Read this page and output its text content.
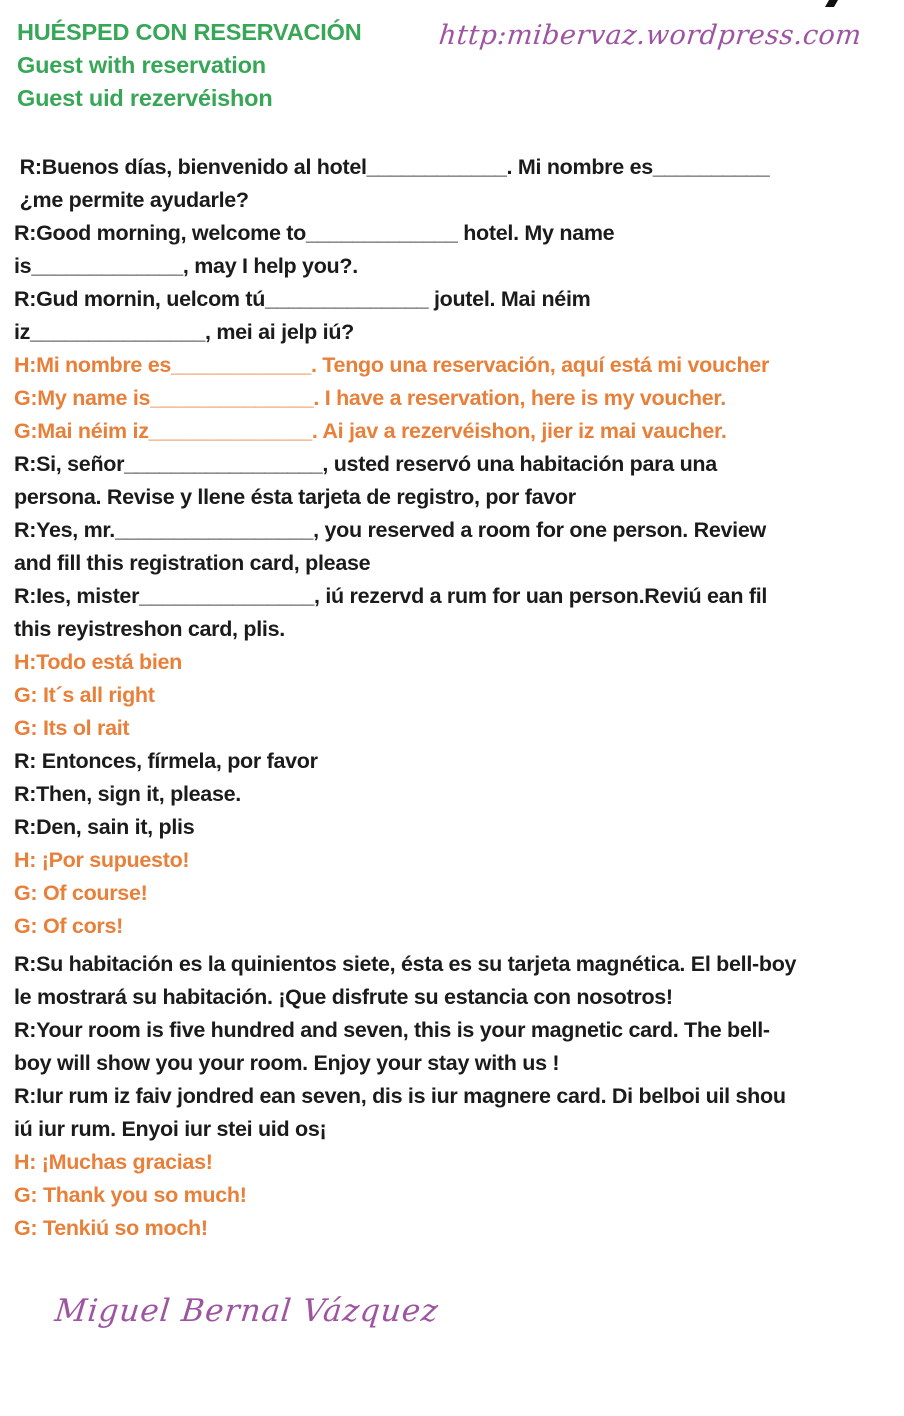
HUÉSPED CON RESERVACIÓN
Guest with reservation
Guest uid rezervéishon
http:mibervaz.wordpress.com
R:Buenos días, bienvenido al hotel____________. Mi nombre es__________
¿me permite ayudarle?
R:Good morning, welcome to_____________ hotel. My name
is_____________, may I help you?.
R:Gud mornin, uelcom tú______________ joutel. Mai néim
iz_______________, mei ai jelp iú?
H:Mi nombre es____________. Tengo una reservación, aquí está mi voucher
G:My name is______________. I have a reservation, here is my voucher.
G:Mai néim iz______________. Ai jav a rezervéishon, jier iz mai vaucher.
R:Si, señor_________________, usted reservó una habitación para una
persona. Revise y llene ésta tarjeta de registro, por favor
R:Yes, mr._________________, you reserved a room for one person. Review
and fill this registration card, please
R:Ies, mister_______________, iú rezervd a rum for uan person.Reviú ean fil
this reyistreshon card, plis.
H:Todo está bien
G: It´s all right
G: Its ol rait
R: Entonces, fírmela, por favor
R:Then, sign it, please.
R:Den, sain it, plis
H: ¡Por supuesto!
G: Of course!
G: Of cors!
R:Su habitación es la quinientos siete, ésta es su tarjeta magnética. El bell-boy
le mostrará su habitación. ¡Que disfrute su estancia con nosotros!
R:Your room is five hundred and seven, this is your magnetic card. The bell-
boy will show you your room. Enjoy your stay with us !
R:Iur rum iz faiv jondred ean seven, dis is iur magnere card. Di belboi uil shou
iú iur rum. Enyoi iur stei uid os¡
H: ¡Muchas gracias!
G: Thank you so much!
G: Tenkiú so moch!
Miguel Bernal Vázquez
